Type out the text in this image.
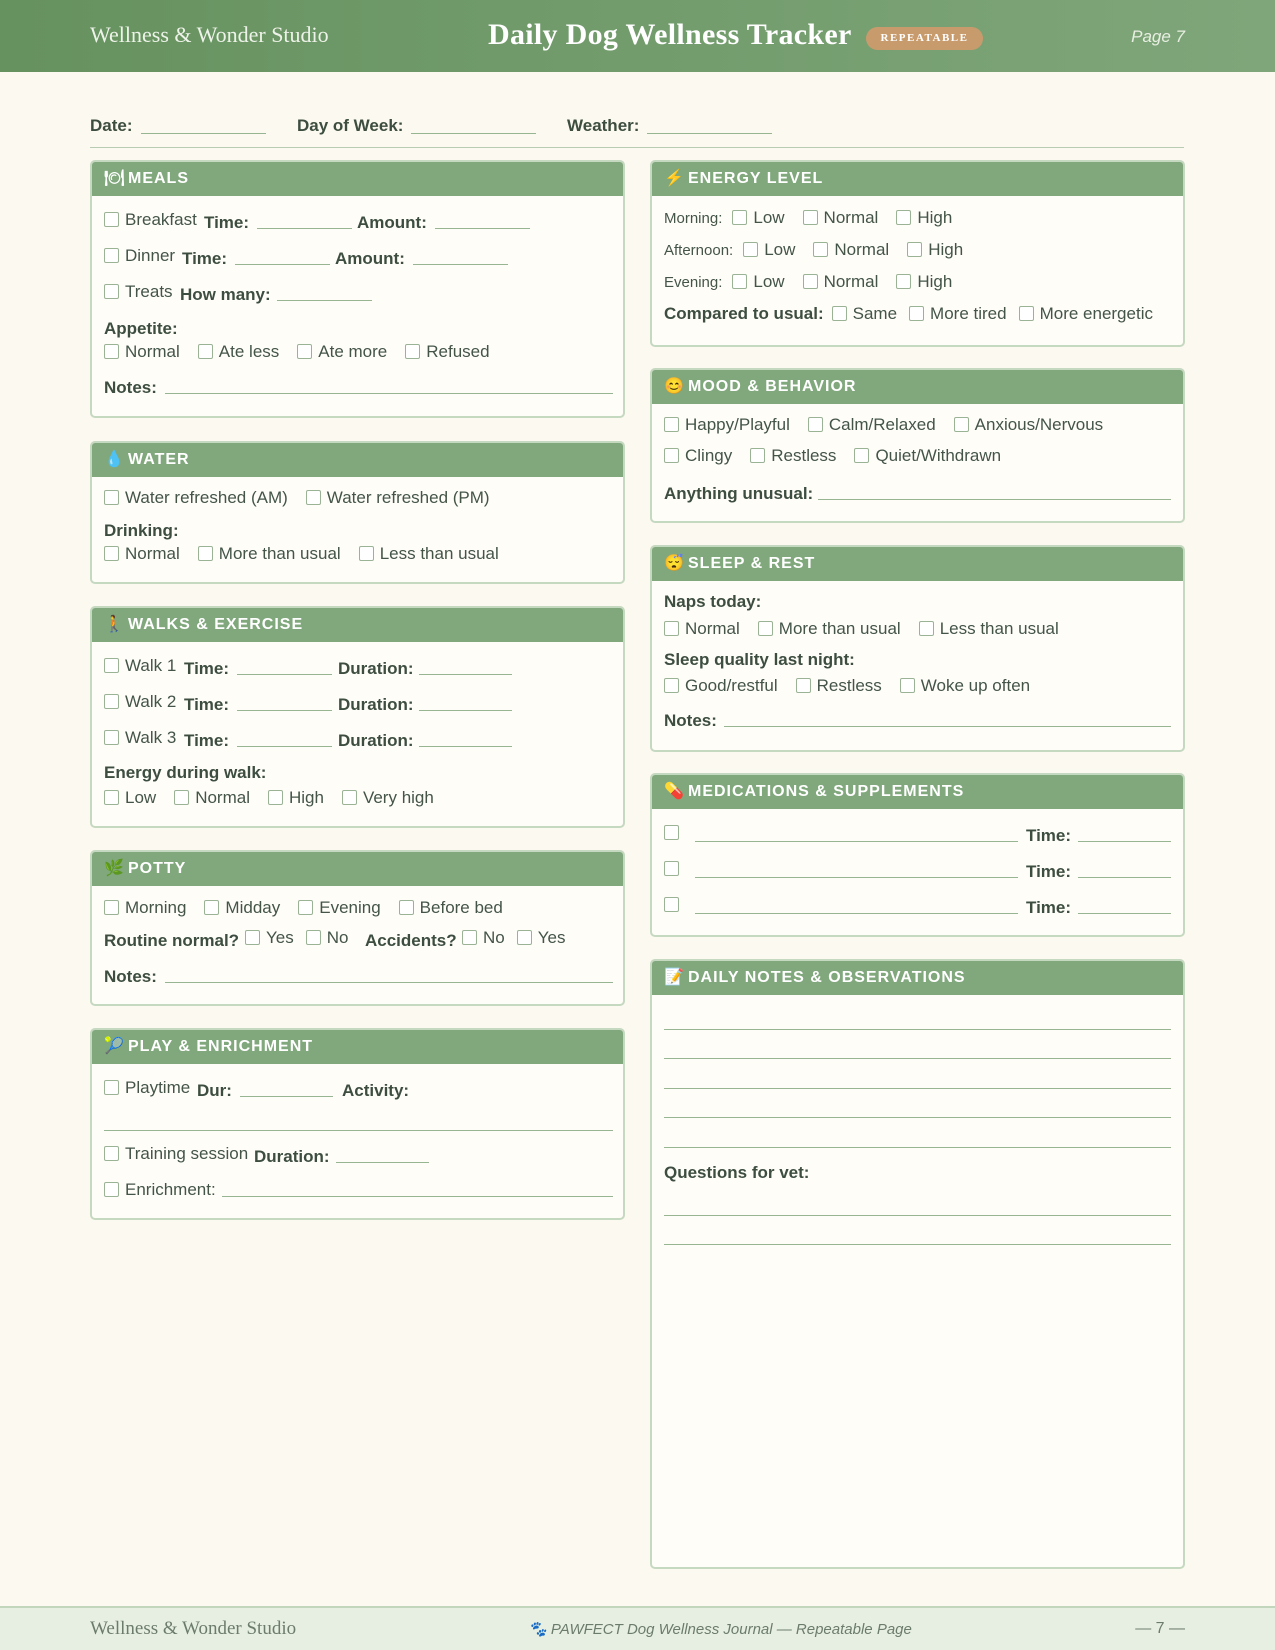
Wellness & Wonder Studio	Daily Dog Wellness Tracker	REPEATABLE	Page 7
Date:	Day of Week:	Weather:
🍽 MEALS
Breakfast Time:	Amount:
Dinner Time:	Amount:
Treats How many:
Appetite:
Normal Ate less Ate more Refused
Notes:
💧 WATER
Water refreshed (AM) Water refreshed (PM)
Drinking:
Normal More than usual Less than usual
🚶 WALKS & EXERCISE
Walk 1 Time:	Duration:
Walk 2 Time:	Duration:
Walk 3 Time:	Duration:
Energy during walk:
Low Normal High Very high
🌿 POTTY
Morning Midday Evening Before bed
Routine normal?	Yes No Accidents?	No Yes
Notes:
🎾 PLAY & ENRICHMENT
Playtime Dur:	Activity:
Training session Duration:
Enrichment:
⚡ ENERGY LEVEL
Morning: Low Normal High
Afternoon: Low Normal High
Evening: Low Normal High
Compared to usual: Same More tired More energetic
😊 MOOD & BEHAVIOR
Happy/Playful Calm/Relaxed Anxious/Nervous
Clingy Restless Quiet/Withdrawn
Anything unusual:
😴 SLEEP & REST
Naps today:
Normal More than usual Less than usual
Sleep quality last night:
Good/restful Restless Woke up often
Notes:
💊 MEDICATIONS & SUPPLEMENTS
Time:
Time:
Time:
📝 DAILY NOTES & OBSERVATIONS
Questions for vet:
Wellness & Wonder Studio	🐾 PAWFECT Dog Wellness Journal — Repeatable Page	— 7 —
